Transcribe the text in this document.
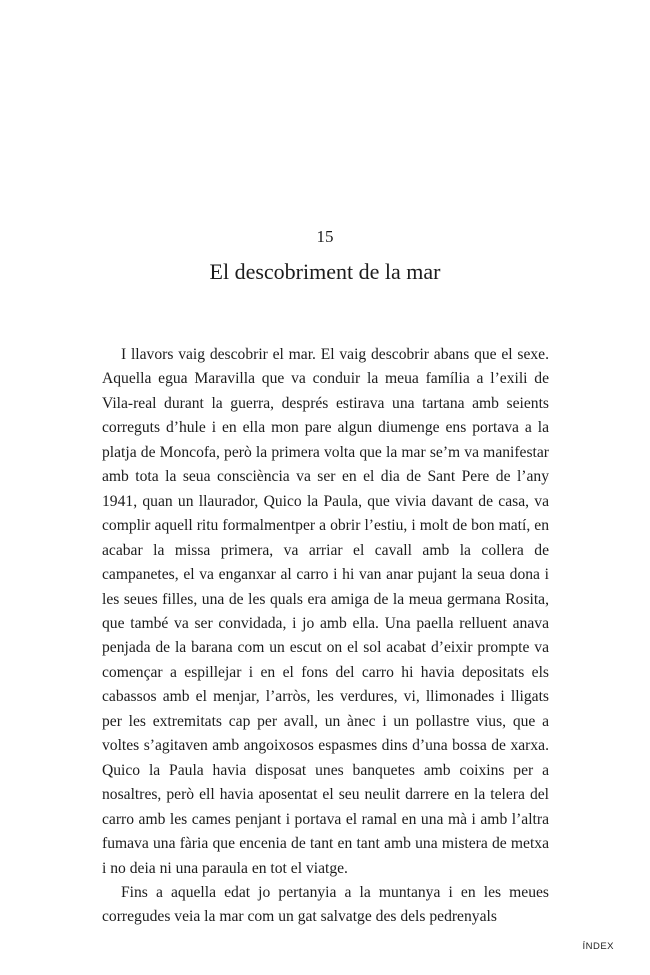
15
El descobriment de la mar

I llavors vaig descobrir el mar. El vaig descobrir abans que el sexe. Aquella egua Maravilla que va conduir la meua família a l’exili de Vila-real durant la guerra, després estirava una tartana amb seients correguts d’hule i en ella mon pare algun diumenge ens portava a la platja de Moncofa, però la primera volta que la mar se’m va manifestar amb tota la seua consciència va ser en el dia de Sant Pere de l’any 1941, quan un llaurador, Quico la Paula, que vivia davant de casa, va complir aquell ritu formalmentper a obrir l’estiu, i molt de bon matí, en acabar la missa primera, va arriar el cavall amb la collera de campanetes, el va enganxar al carro i hi van anar pujant la seua dona i les seues filles, una de les quals era amiga de la meua germana Rosita, que també va ser convidada, i jo amb ella. Una paella relluent anava penjada de la barana com un escut on el sol acabat d’eixir prompte va començar a espillejar i en el fons del carro hi havia depositats els cabassos amb el menjar, l’arròs, les verdures, vi, llimonades i lligats per les extremitats cap per avall, un ànec i un pollastre vius, que a voltes s’agitaven amb angoixosos espasmes dins d’una bossa de xarxa. Quico la Paula havia disposat unes banquetes amb coixins per a nosaltres, però ell havia aposentat el seu neulit darrere en la telera del carro amb les cames penjant i portava el ramal en una mà i amb l’altra fumava una fària que encenia de tant en tant amb una mistera de metxa i no deia ni una paraula en tot el viatge.

Fins a aquella edat jo pertanyia a la muntanya i en les meues corregudes veia la mar com un gat salvatge des dels pedrenyals

ÍNDEX
